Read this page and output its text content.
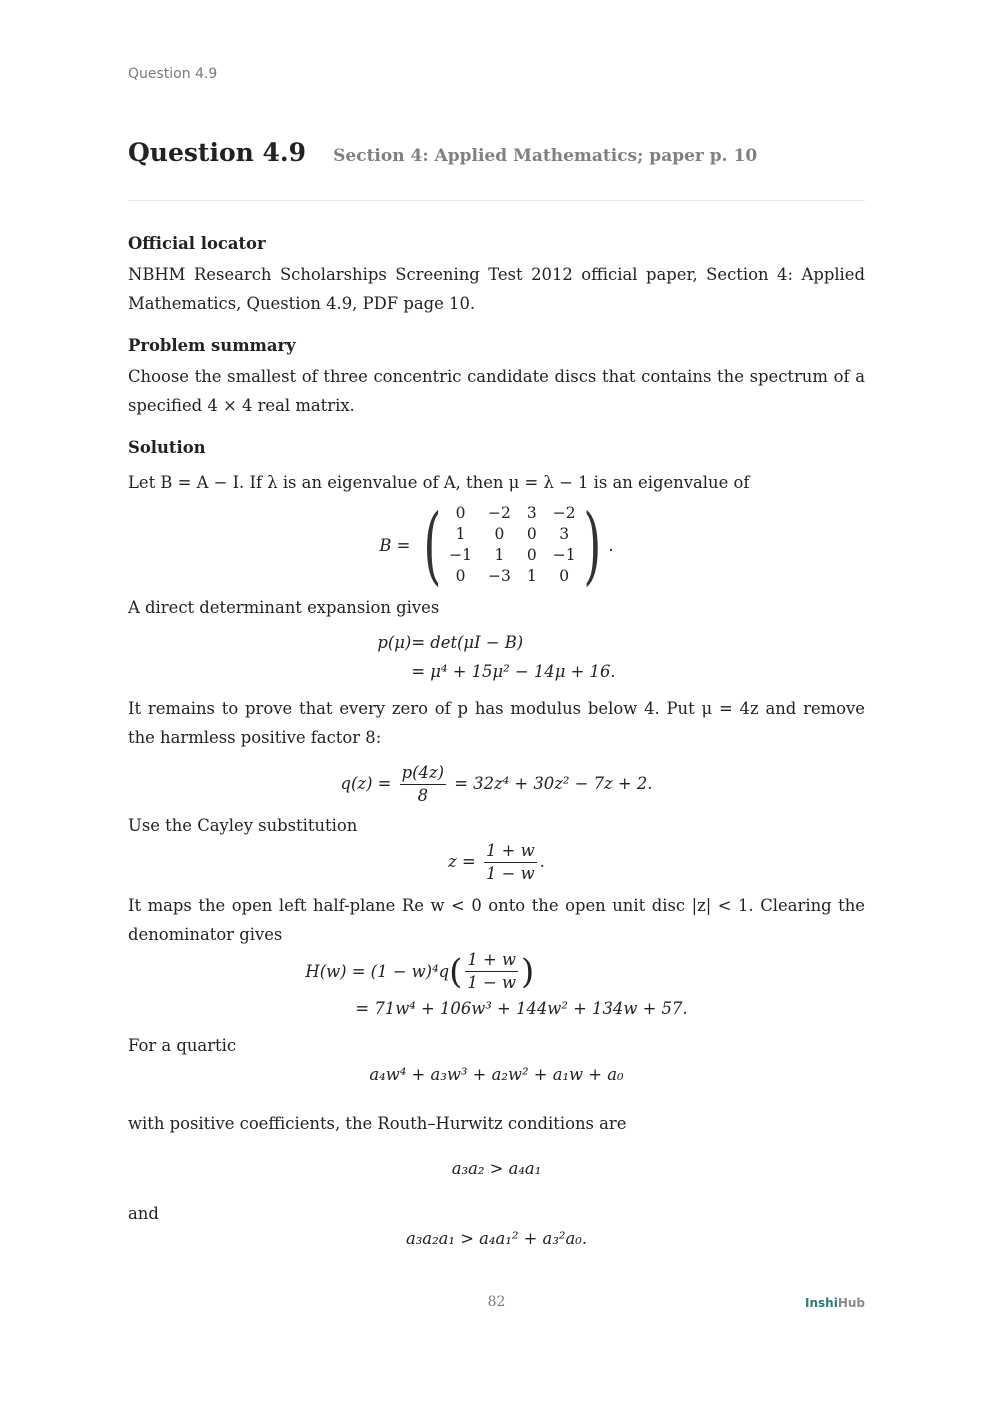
Question 4.9
Question 4.9 Section 4: Applied Mathematics; paper p. 10
Official locator

NBHM Research Scholarships Screening Test 2012 official paper, Section 4: Applied Mathematics, Question 4.9, PDF page 10.

Problem summary

Choose the smallest of three concentric candidate discs that contains the spectrum of a specified 4 × 4 real matrix.

Solution

Let B = A − I. If λ is an eigenvalue of A, then μ = λ − 1 is an eigenvalue of

B = ( 0	−2 3 −2
1	0	0	3
−1	1	0 −1
0	−3 1	0 ) .

A direct determinant expansion gives

p(μ) = det(μI − B)
= μ⁴ + 15μ² − 14μ + 16.

It remains to prove that every zero of p has modulus below 4. Put μ = 4z and remove the harmless positive factor 8:

$q(z) = \frac{p(4z)}{8} = 32z^4 + 30z^2 - 7z + 2$.

Use the Cayley substitution

$z = \frac{1 + w}{1 - w}$ .

It maps the open left half-plane Re w < 0 onto the open unit disc |z| < 1. Clearing the denominator gives

H(w) = (1 − w)⁴q ( $\frac{1 + w}{1 - w}$ )
= 71w⁴ + 106w³ + 144w² + 134w + 57.

For a quartic

a₄w⁴ + a₃w³ + a₂w² + a₁w + a₀

with positive coefficients, the Routh–Hurwitz conditions are

a₃a₂ > a₄a₁

and

a₃a₂a₁ > a₄a₁² + a₃²a₀.
82	InshiHub
